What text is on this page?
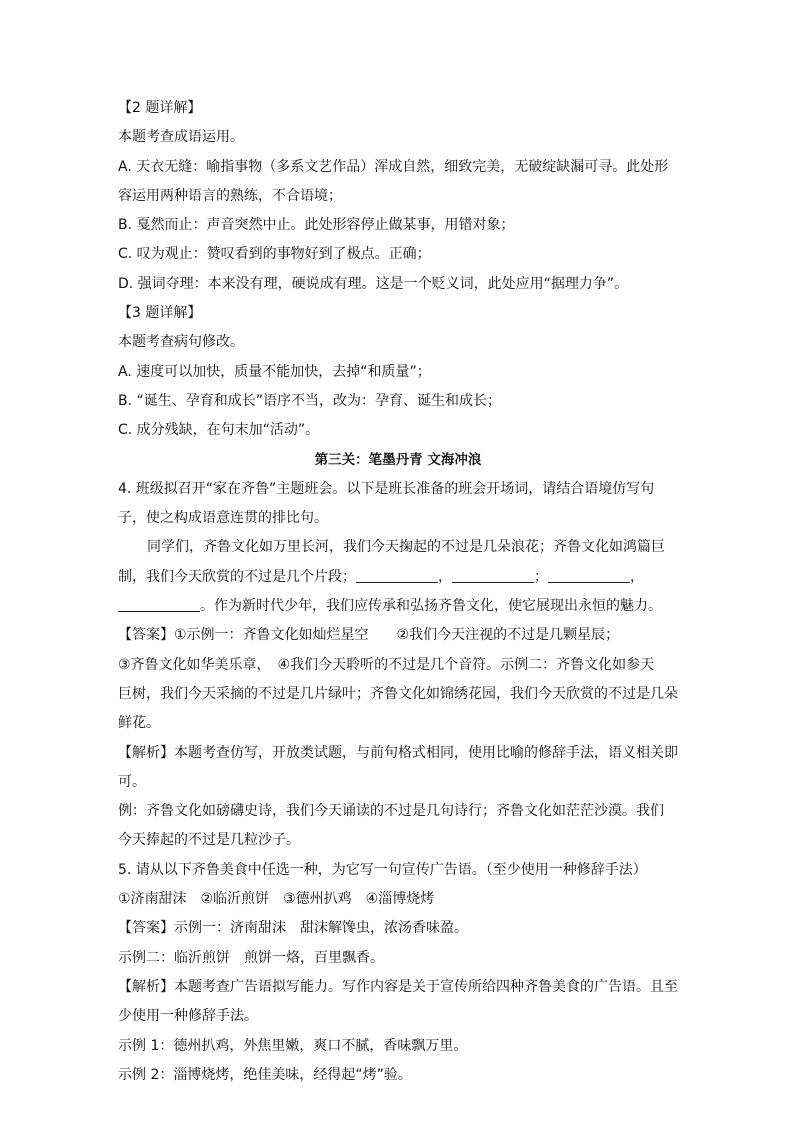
【2 题详解】
本题考查成语运用。
A. 天衣无缝：喻指事物（多系文艺作品）浑成自然，细致完美，无破绽缺漏可寻。此处形
容运用两种语言的熟练，不合语境；
B. 戛然而止：声音突然中止。此处形容停止做某事，用错对象；
C. 叹为观止：赞叹看到的事物好到了极点。正确；
D. 强词夺理：本来没有理，硬说成有理。这是一个贬义词，此处应用“据理力争”。
【3 题详解】
本题考查病句修改。
A. 速度可以加快，质量不能加快，去掉“和质量”；
B. “诞生、孕育和成长”语序不当，改为：孕育、诞生和成长；
C. 成分残缺，在句末加“活动”。
第三关：笔墨丹青 文海冲浪
4. 班级拟召开“家在齐鲁”主题班会。以下是班长准备的班会开场词，请结合语境仿写句
子，使之构成语意连贯的排比句。
同学们，齐鲁文化如万里长河，我们今天掬起的不过是几朵浪花；齐鲁文化如鸿篇巨
制，我们今天欣赏的不过是几个片段；	，	；	，
。作为新时代少年，我们应传承和弘扬齐鲁文化，使它展现出永恒的魅力。
【答案】①示例一：齐鲁文化如灿烂星空　　②我们今天注视的不过是几颗星辰；
③齐鲁文化如华美乐章，　④我们今天聆听的不过是几个音符。示例二：齐鲁文化如参天
巨树，我们今天采摘的不过是几片绿叶；齐鲁文化如锦绣花园，我们今天欣赏的不过是几朵
鲜花。
【解析】本题考查仿写，开放类试题，与前句格式相同，使用比喻的修辞手法，语义相关即
可。
例：齐鲁文化如磅礴史诗，我们今天诵读的不过是几句诗行；齐鲁文化如茫茫沙漠。我们
今天捧起的不过是几粒沙子。
5. 请从以下齐鲁美食中任选一种，为它写一句宣传广告语。（至少使用一种修辞手法）
①济南甜沫　②临沂煎饼　③德州扒鸡　④淄博烧烤
【答案】示例一：济南甜沫　甜沫解馋虫，浓汤香味盈。
示例二：临沂煎饼　煎饼一烙，百里飘香。
【解析】本题考查广告语拟写能力。写作内容是关于宣传所给四种齐鲁美食的广告语。且至
少使用一种修辞手法。
示例 1：德州扒鸡，外焦里嫩，爽口不腻，香味飘万里。
示例 2：淄博烧烤，绝佳美味，经得起“烤”验。
